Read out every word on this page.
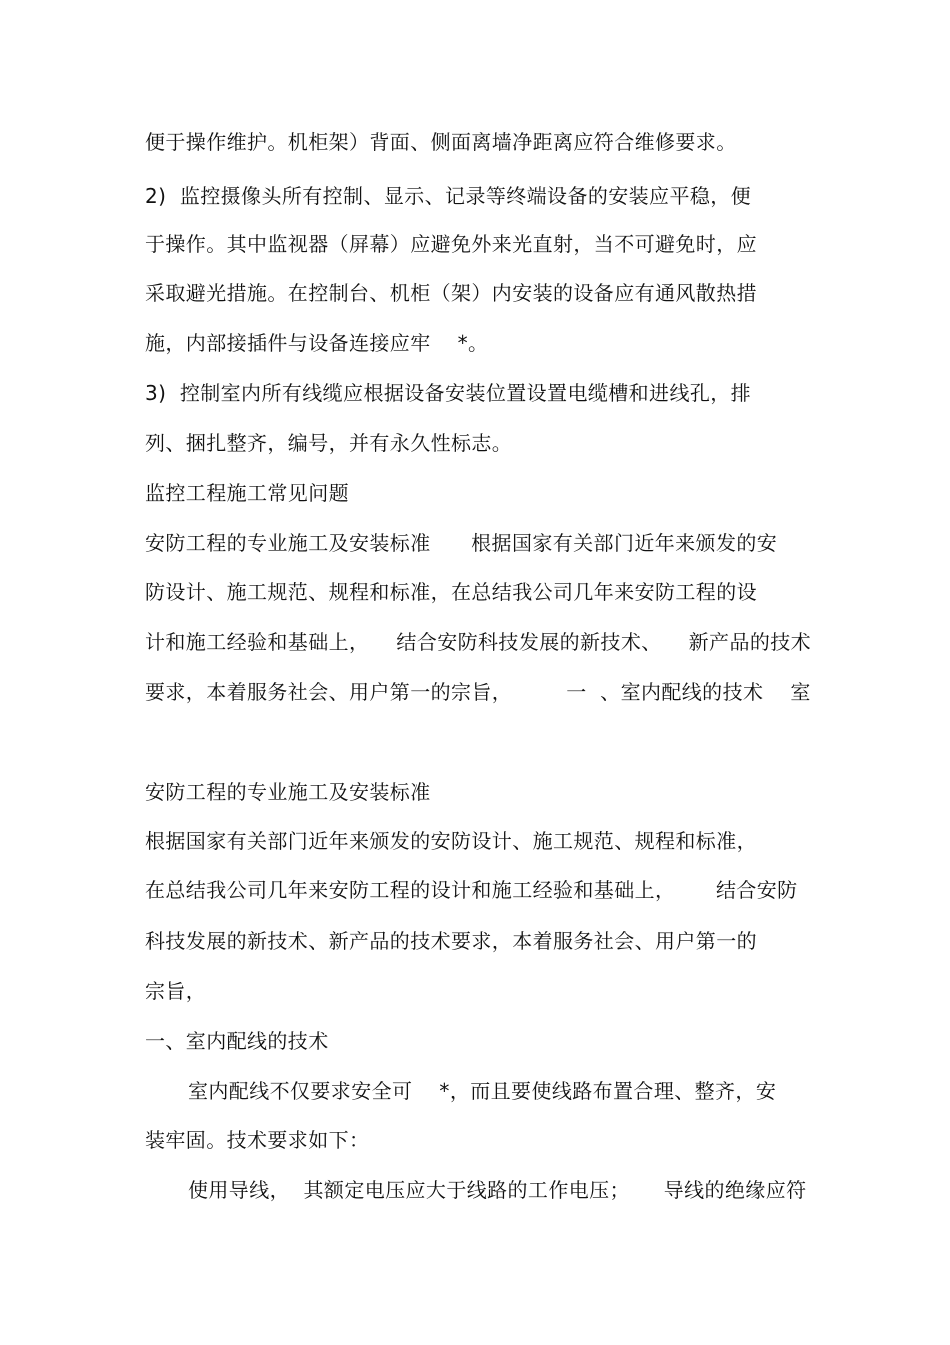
便于操作维护。机柜架）背面、侧面离墙净距离应符合维修要求。
2)  监控摄像头所有控制、显示、记录等终端设备的安装应平稳，便
于操作。其中监视器（屏幕）应避免外来光直射，当不可避免时，应
采取避光措施。在控制台、机柜（架）内安装的设备应有通风散热措
施，内部接插件与设备连接应牢    *。
3)  控制室内所有线缆应根据设备安装位置设置电缆槽和进线孔，排
列、捆扎整齐，编号，并有永久性标志。
监控工程施工常见问题
安防工程的专业施工及安装标准      根据国家有关部门近年来颁发的安
防设计、施工规范、规程和标准，在总结我公司几年来安防工程的设
计和施工经验和基础上，    结合安防科技发展的新技术、    新产品的技术
要求，本着服务社会、用户第一的宗旨，        一  、室内配线的技术    室
安防工程的专业施工及安装标准
根据国家有关部门近年来颁发的安防设计、施工规范、规程和标准，
在总结我公司几年来安防工程的设计和施工经验和基础上，      结合安防
科技发展的新技术、新产品的技术要求，本着服务社会、用户第一的
宗旨，
一、室内配线的技术
室内配线不仅要求安全可    *，而且要使线路布置合理、整齐，安
装牢固。技术要求如下：
使用导线，  其额定电压应大于线路的工作电压；     导线的绝缘应符
